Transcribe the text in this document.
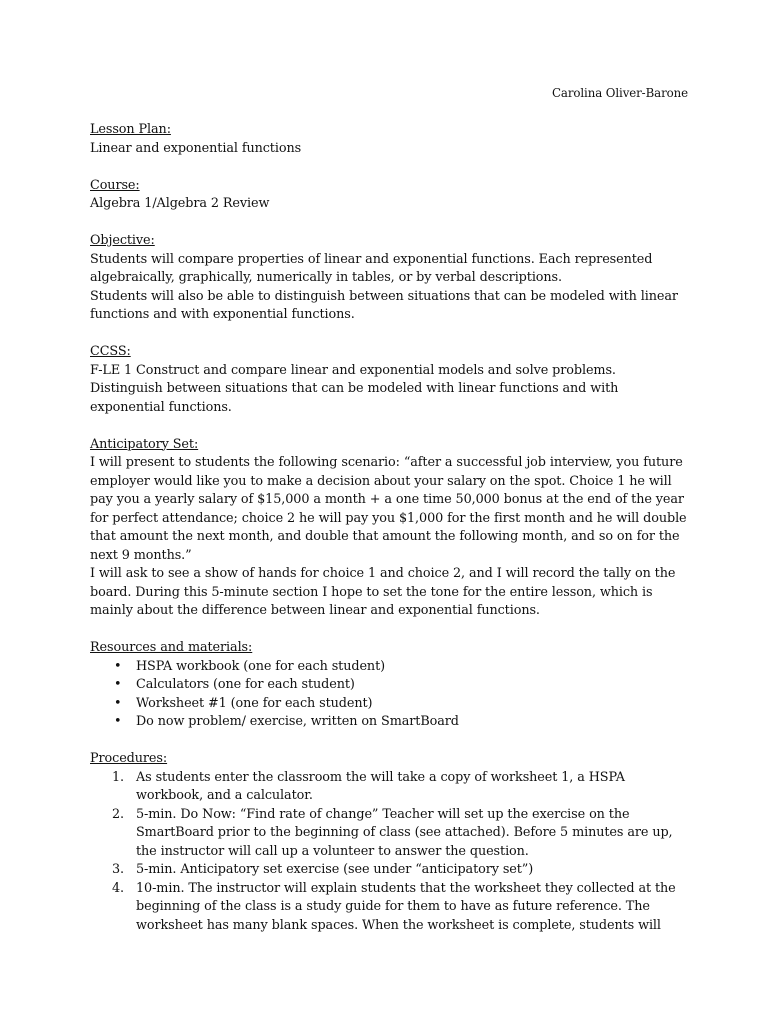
Carolina Oliver-Barone
Lesson Plan:

Linear and exponential functions

Course:

Algebra 1/Algebra 2 Review

Objective:

Students will compare properties of linear and exponential functions. Each represented algebraically, graphically, numerically in tables, or by verbal descriptions.

Students will also be able to distinguish between situations that can be modeled with linear functions and with exponential functions.

CCSS:

F-LE 1 Construct and compare linear and exponential models and solve problems. Distinguish between situations that can be modeled with linear functions and with exponential functions.

Anticipatory Set:

I will present to students the following scenario: “after a successful job interview, you future employer would like you to make a decision about your salary on the spot. Choice 1 he will pay you a yearly salary of $15,000 a month + a one time 50,000 bonus at the end of the year for perfect attendance; choice 2 he will pay you $1,000 for the first month and he will double that amount the next month, and double that amount the following month, and so on for the next 9 months.”

I will ask to see a show of hands for choice 1 and choice 2, and I will record the tally on the board. During this 5-minute section I hope to set the tone for the entire lesson, which is mainly about the difference between linear and exponential functions.

Resources and materials:
• HSPA workbook (one for each student)
• Calculators (one for each student)
• Worksheet #1 (one for each student)
• Do now problem/ exercise, written on SmartBoard
Procedures:
1. As students enter the classroom the will take a copy of worksheet 1, a HSPA workbook, and a calculator.
2. 5-min. Do Now: “Find rate of change” Teacher will set up the exercise on the SmartBoard prior to the beginning of class (see attached). Before 5 minutes are up, the instructor will call up a volunteer to answer the question.
3. 5-min. Anticipatory set exercise (see under “anticipatory set”)
4. 10-min. The instructor will explain students that the worksheet they collected at the beginning of the class is a study guide for them to have as future reference. The worksheet has many blank spaces. When the worksheet is complete, students will
